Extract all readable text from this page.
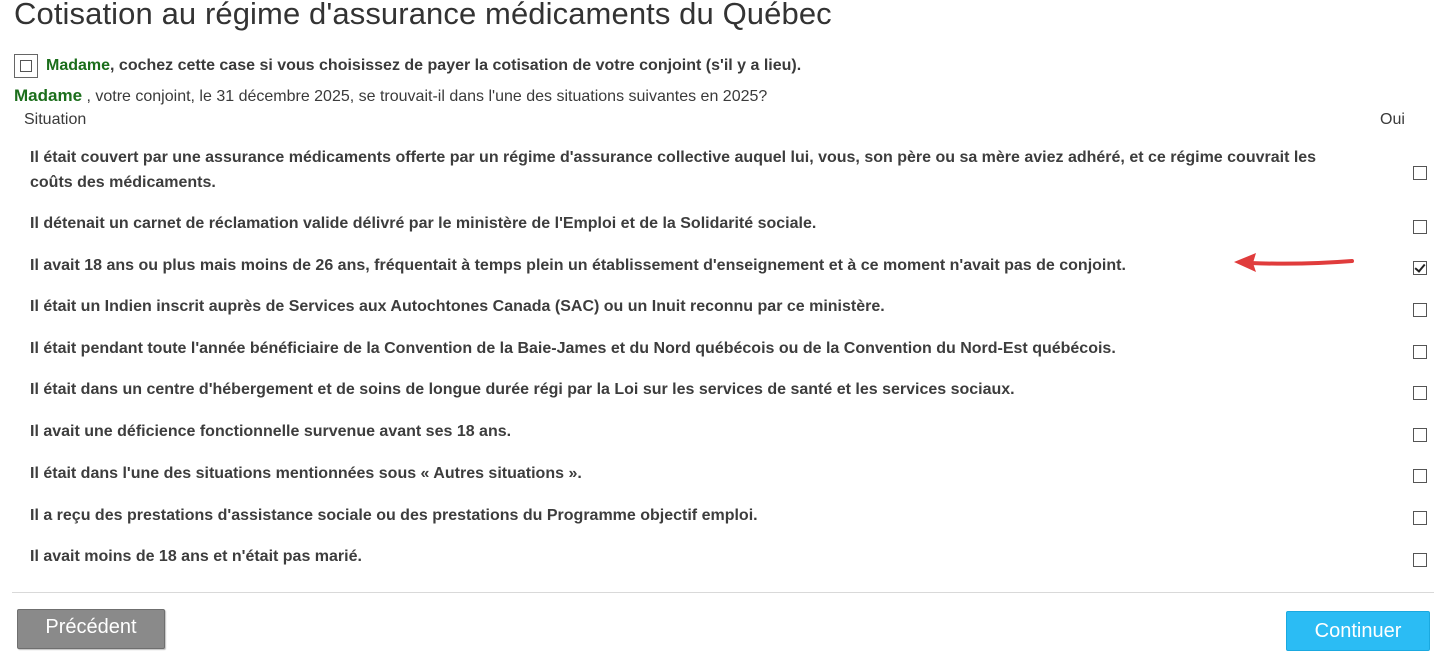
Cotisation au régime d'assurance médicaments du Québec
Madame, cochez cette case si vous choisissez de payer la cotisation de votre conjoint (s'il y a lieu).
Madame , votre conjoint, le 31 décembre 2025, se trouvait-il dans l'une des situations suivantes en 2025?
Situation	Oui
Il était couvert par une assurance médicaments offerte par un régime d'assurance collective auquel lui, vous, son père ou sa mère aviez adhéré, et ce régime couvrait les coûts des médicaments.
Il détenait un carnet de réclamation valide délivré par le ministère de l'Emploi et de la Solidarité sociale.
Il avait 18 ans ou plus mais moins de 26 ans, fréquentait à temps plein un établissement d'enseignement et à ce moment n'avait pas de conjoint.
Il était un Indien inscrit auprès de Services aux Autochtones Canada (SAC) ou un Inuit reconnu par ce ministère.
Il était pendant toute l'année bénéficiaire de la Convention de la Baie-James et du Nord québécois ou de la Convention du Nord-Est québécois.
Il était dans un centre d'hébergement et de soins de longue durée régi par la Loi sur les services de santé et les services sociaux.
Il avait une déficience fonctionnelle survenue avant ses 18 ans.
Il était dans l'une des situations mentionnées sous « Autres situations ».
Il a reçu des prestations d'assistance sociale ou des prestations du Programme objectif emploi.
Il avait moins de 18 ans et n'était pas marié.
Précédent	Continuer
